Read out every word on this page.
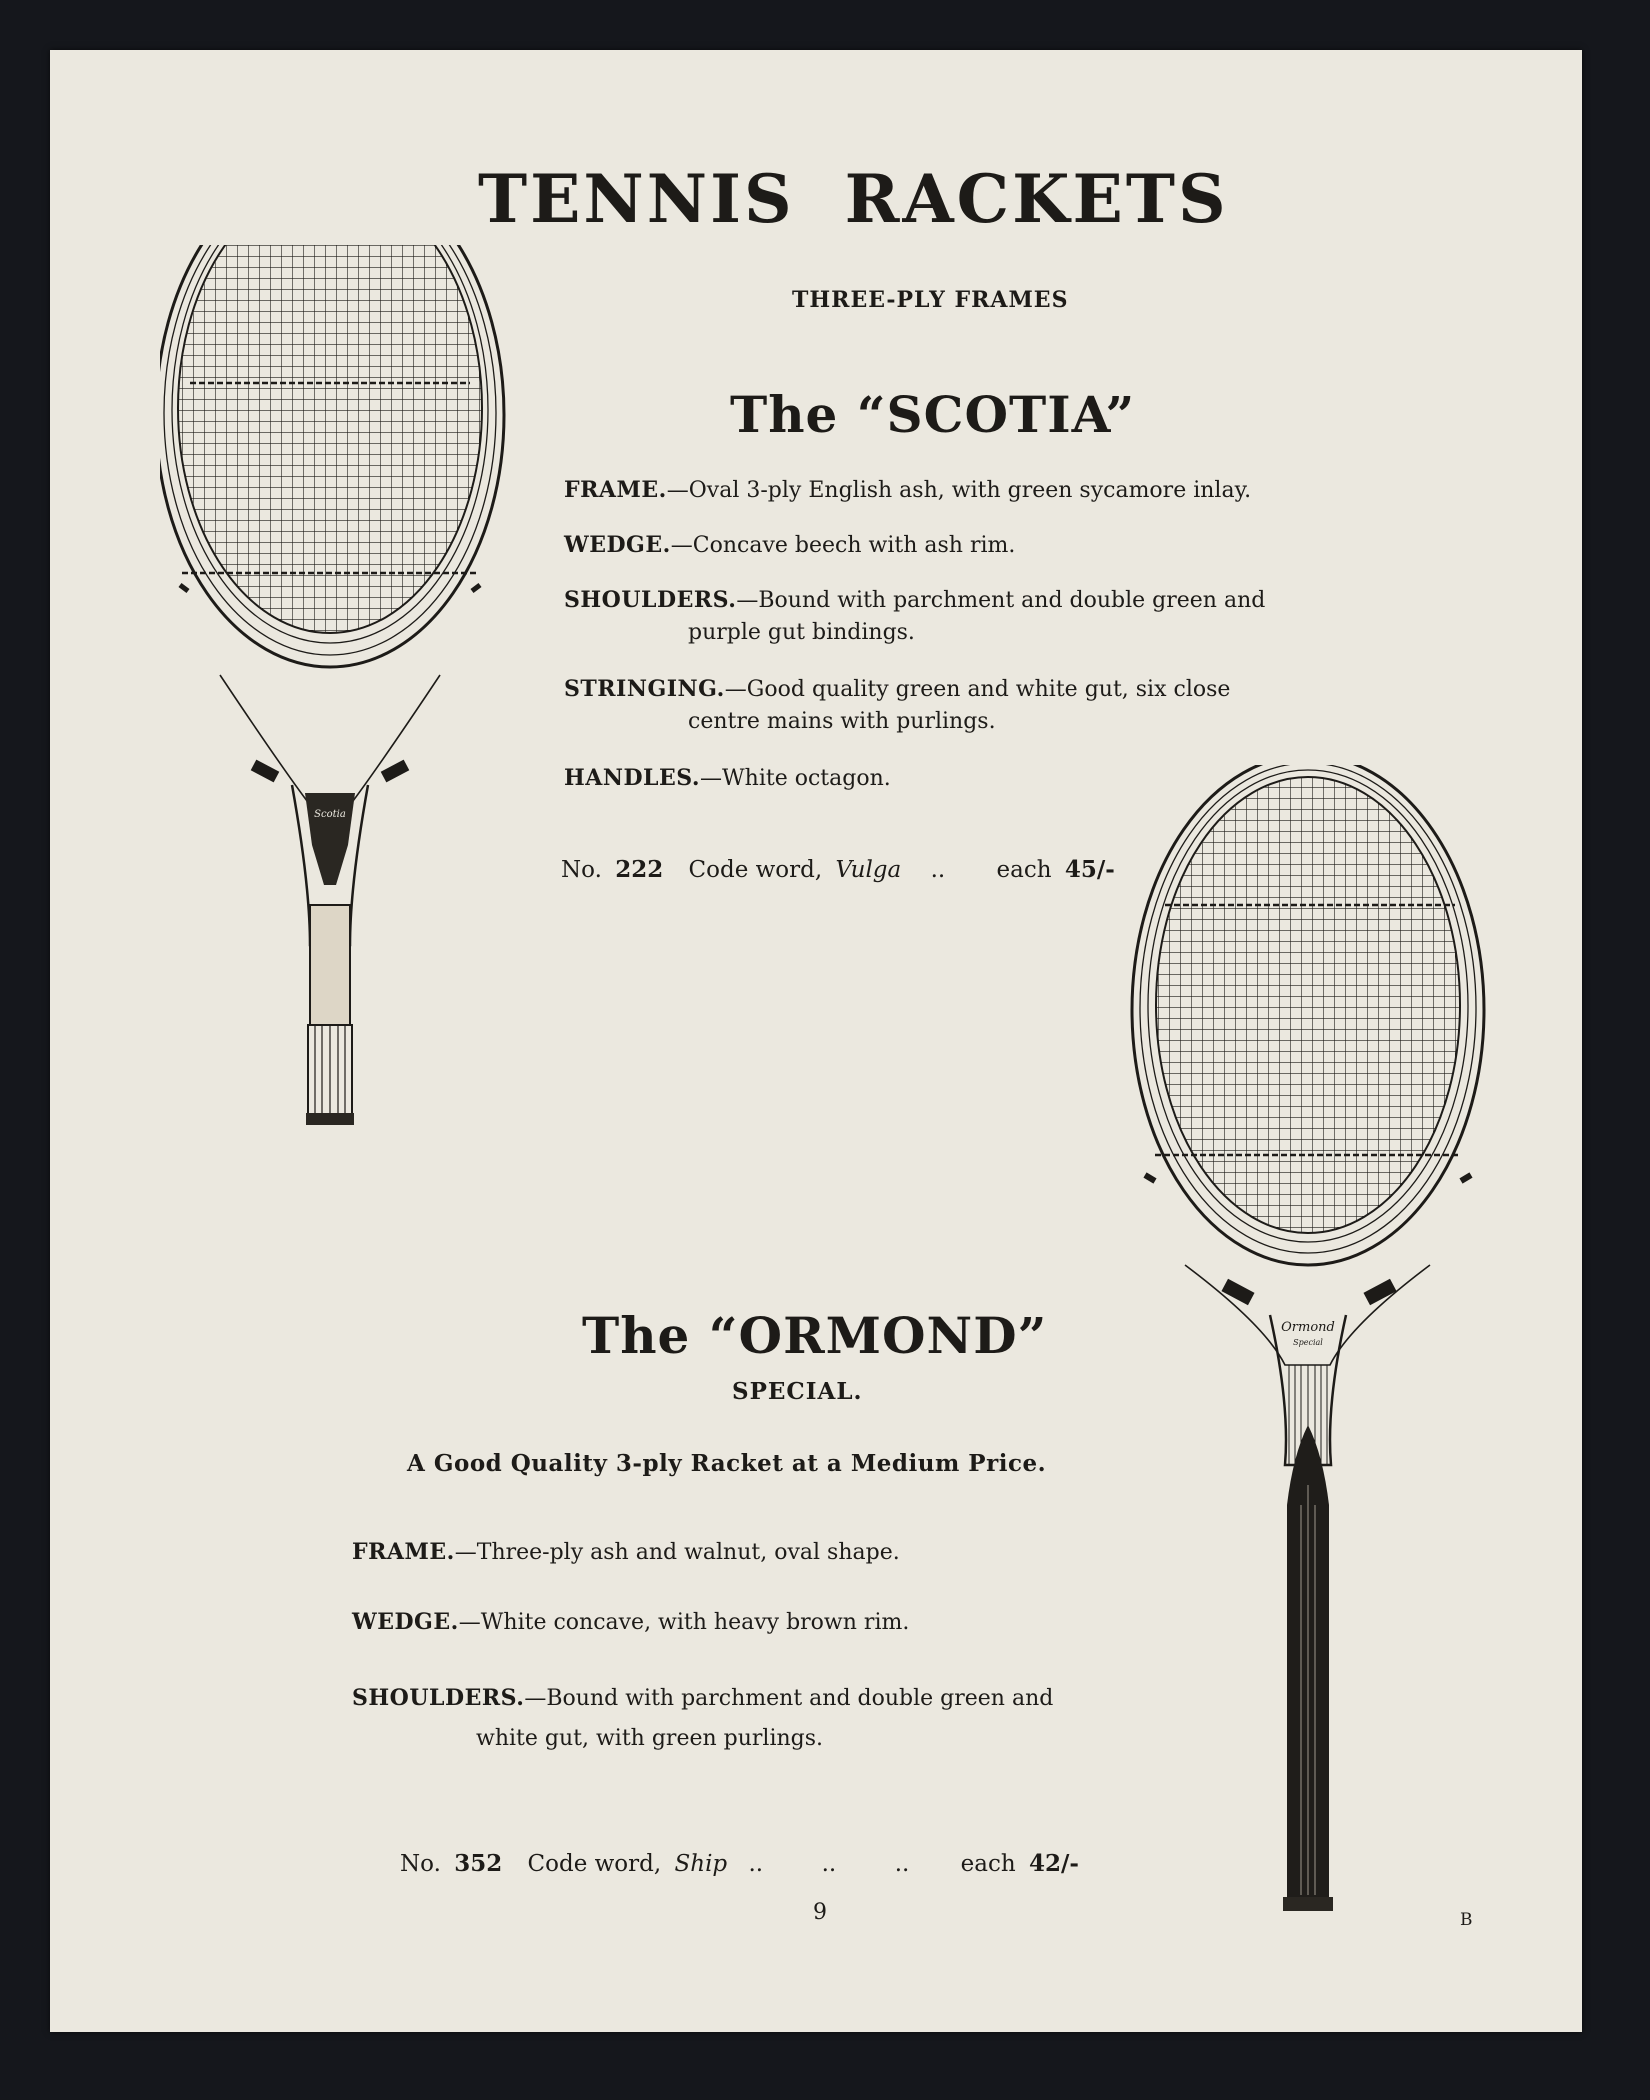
TENNIS RACKETS
THREE-PLY FRAMES
The “SCOTIA”
FRAME.—Oval 3-ply English ash, with green sycamore inlay.
WEDGE.—Concave beech with ash rim.
SHOULDERS.—Bound with parchment and double green and
purple gut bindings.
STRINGING.—Good quality green and white gut, six close
centre mains with purlings.
HANDLES.—White octagon.
No. 222 Code word, Vulga .. each 45/-
The “ORMOND”
SPECIAL.
A Good Quality 3-ply Racket at a Medium Price.
FRAME.—Three-ply ash and walnut, oval shape.
WEDGE.—White concave, with heavy brown rim.
SHOULDERS.—Bound with parchment and double green and
white gut, with green purlings.
No. 352 Code word, Ship ..        ..        .. each 42/-
9	B
Scotia
Ormond
Special
